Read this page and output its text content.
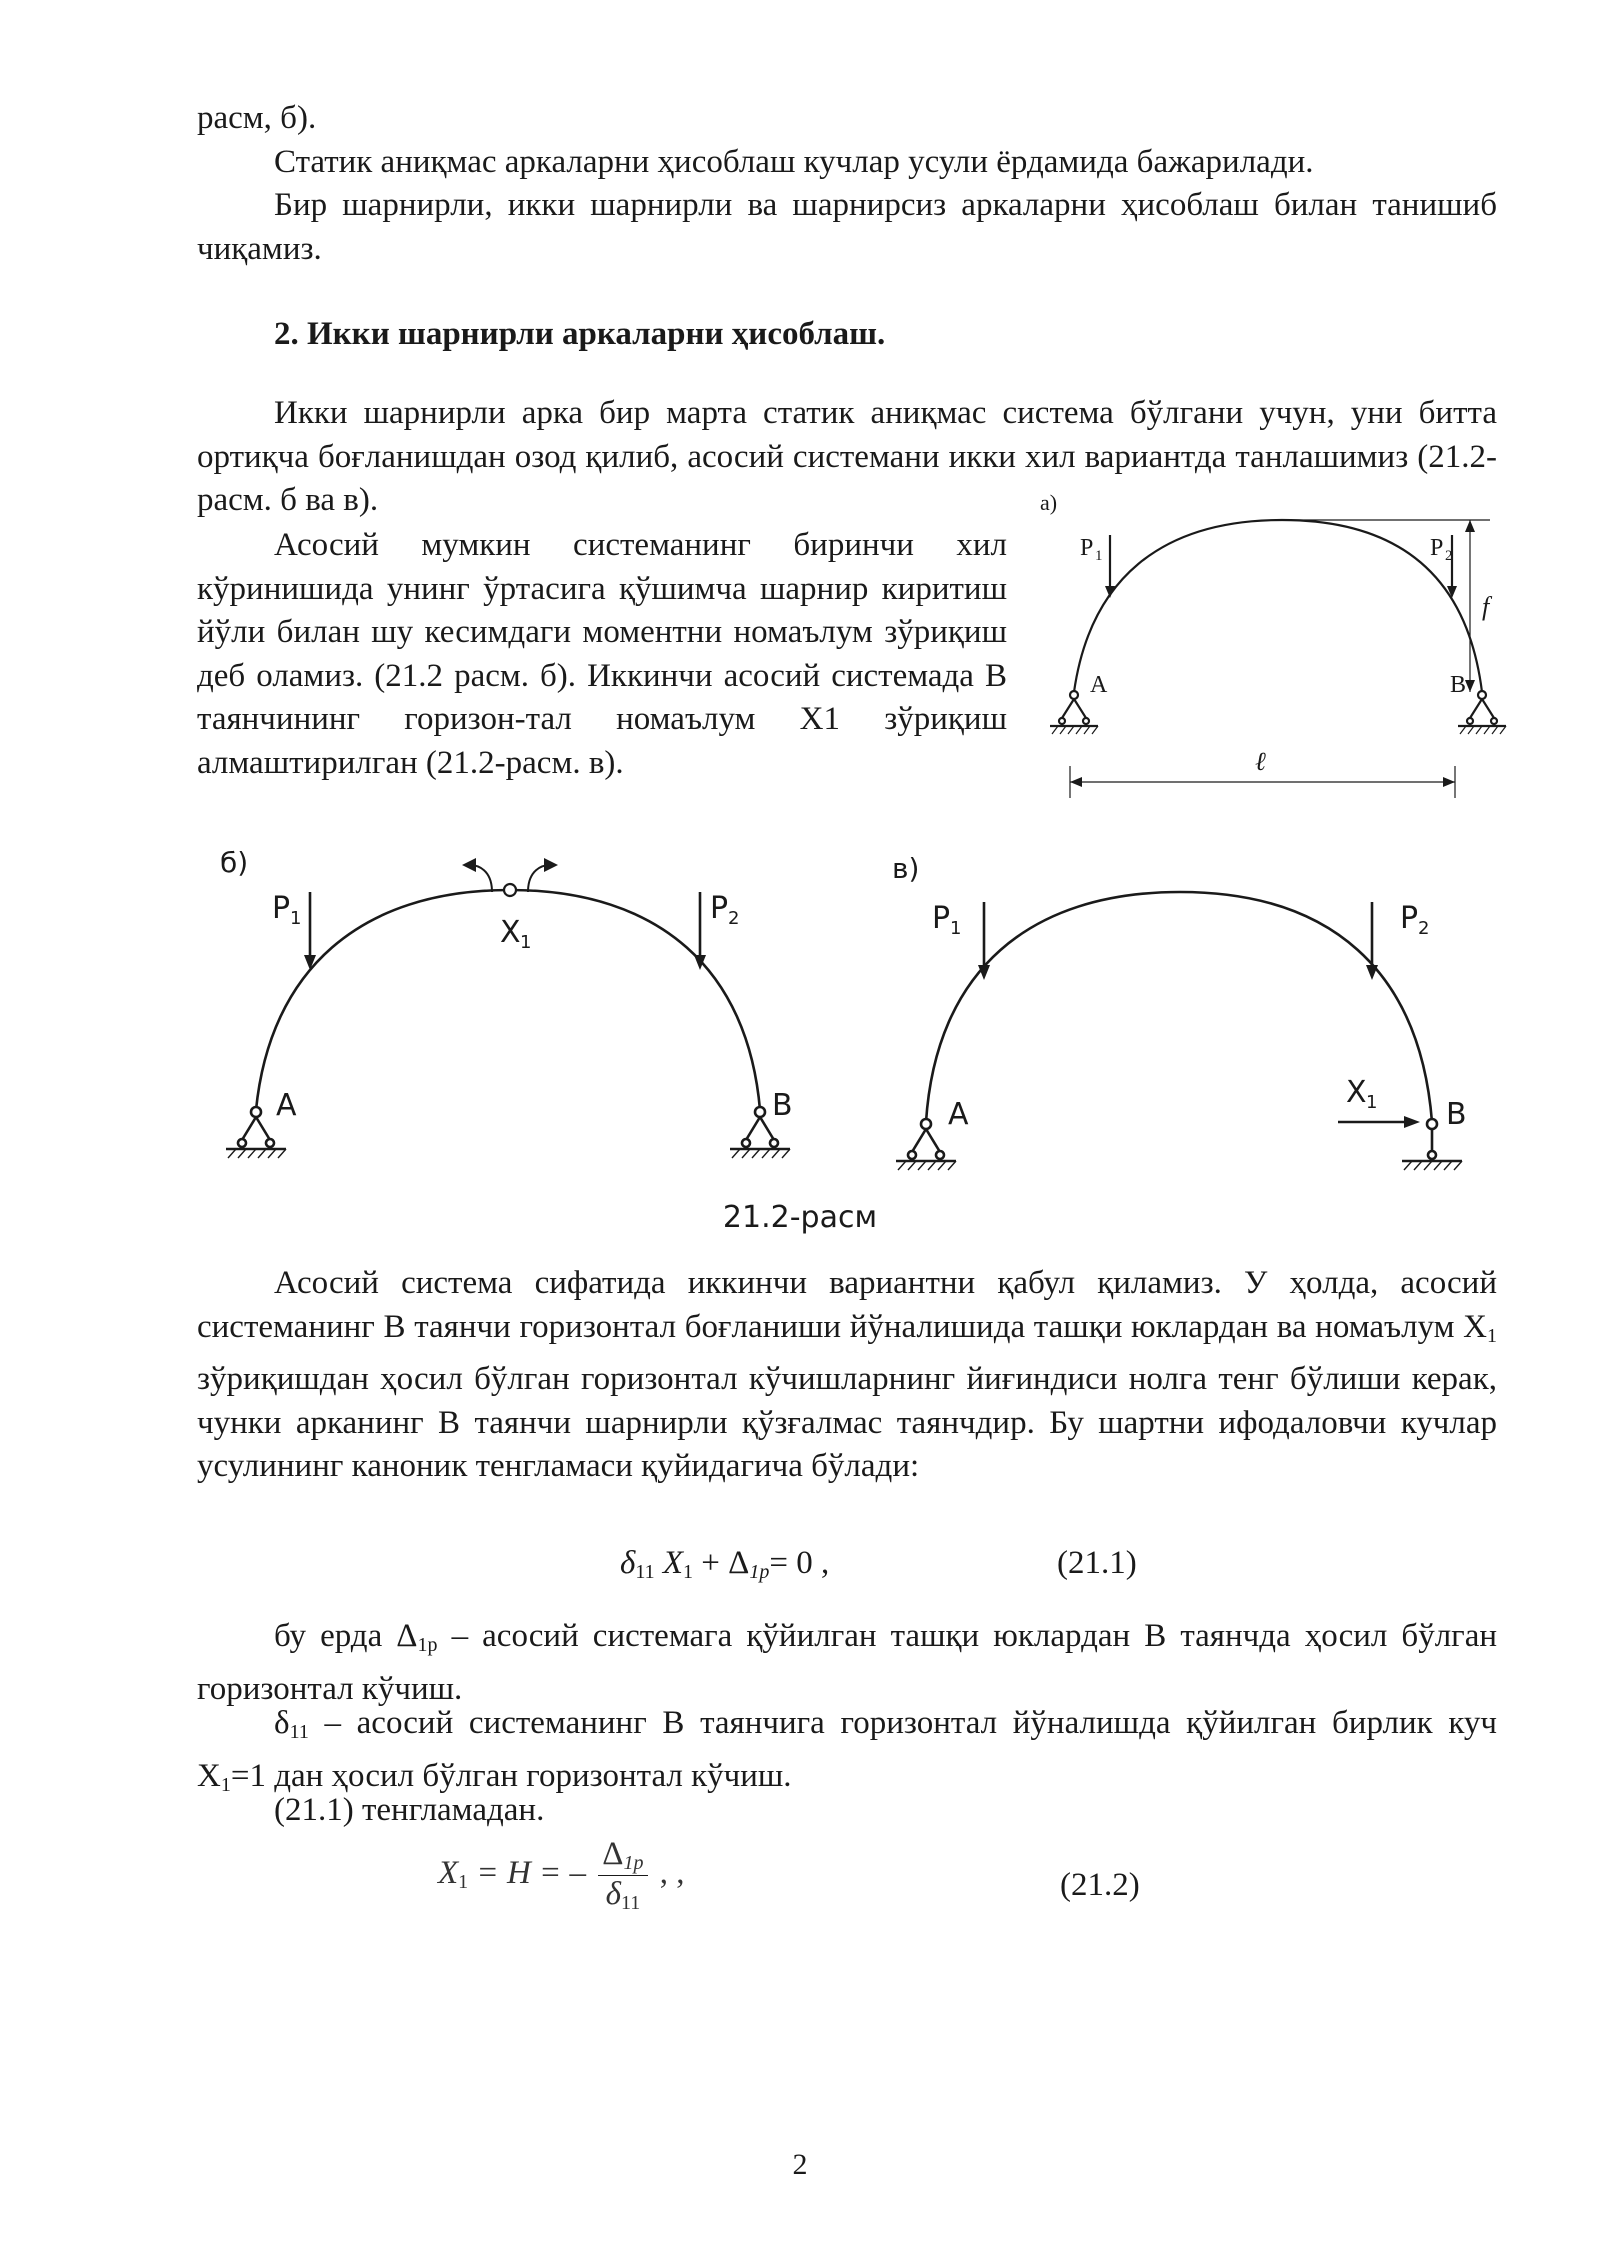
расм, б).

Статик аниқмас аркаларни ҳисоблаш кучлар усули ёрдамида бажарилади.

Бир шарнирли, икки шарнирли ва шарнирсиз аркаларни ҳисоблаш билан танишиб чиқамиз.

2. Икки шарнирли аркаларни ҳисоблаш.

Икки шарнирли арка бир марта статик аниқмас система бўлгани учун, уни битта ортиқча боғланишдан озод қилиб, асосий системани икки хил вариантда танлашимиз (21.2-расм. б ва в).

Асосий мумкин системанинг биринчи хил кўринишида унинг ўртасига қўшимча шарнир киритиш йўли билан шу кесимдаги моментни номаълум зўриқиш деб оламиз. (21.2 расм. б). Иккинчи асосий системада В таянчининг горизон-тал номаълум X1 зўриқиш алмаштирилган (21.2-расм. в).

а)
P 1	P 2
f
A	B
ℓ
б)
P 1	P 2
X 1
A	B
в)
P 1	P 2
X 1
A	B
21.2-расм

Асосий система сифатида иккинчи вариантни қабул қиламиз. У ҳолда, асосий системанинг В таянчи горизонтал боғланиши йўналишида ташқи юклардан ва номаълум $X_1$ зўриқишдан ҳосил бўлган горизонтал кўчишларнинг йиғиндиси нолга тенг бўлиши керак, чунки арканинг В таянчи шарнирли қўзғалмас таянчдир. Бу шартни ифодаловчи кучлар усулининг каноник тенгламаси қуйидагича бўлади:

$\delta_{11}$ $X_1 + \Delta_{1p}= 0$ ,	(21.1)

бу ерда $\Delta_{1p}$ – асосий системага қўйилган ташқи юклардан В таянчда ҳосил бўлган горизонтал кўчиш.

$\delta_{11}$ – асосий системанинг В таянчига горизонтал йўналишда қўйилган бирлик куч $X_1=1$ дан ҳосил бўлган горизонтал кўчиш.

(21.1) тенгламадан.

$X_1 = H$ = – $\frac{\Delta_{1p}}{\delta_{11}}$ , ,	(21.2)
2
